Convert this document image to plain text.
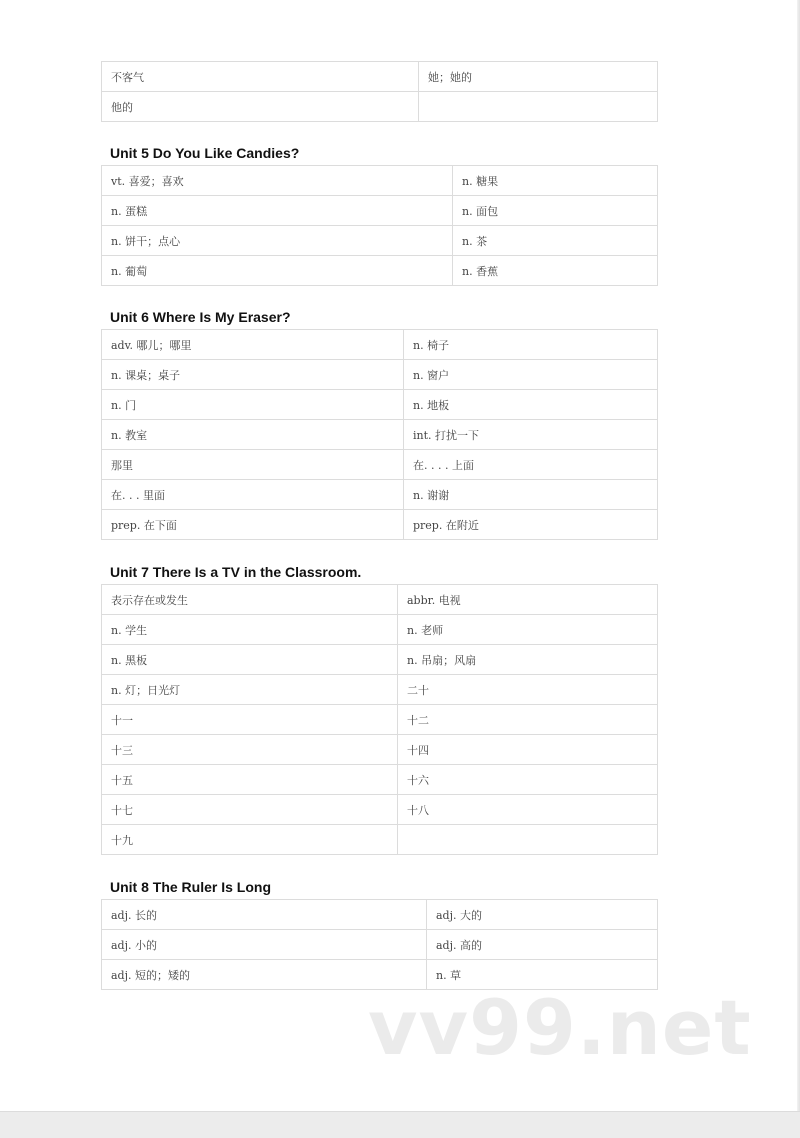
不客气	她；她的
他的	
Unit 5 Do You Like Candies?
vt. 喜爱；喜欢	n. 糖果
n. 蛋糕	n. 面包
n. 饼干；点心	n. 茶
n. 葡萄	n. 香蕉
Unit 6 Where Is My Eraser?
adv. 哪儿；哪里	n. 椅子
n. 课桌；桌子	n. 窗户
n. 门	n. 地板
n. 教室	int. 打扰一下
那里	在. . . . 上面
在. . . 里面	n. 谢谢
prep. 在下面	prep. 在附近
Unit 7 There Is a TV in the Classroom.
表示存在或发生	abbr. 电视
n. 学生	n. 老师
n. 黑板	n. 吊扇；风扇
n. 灯；日光灯	二十
十一	十二
十三	十四
十五	十六
十七	十八
十九	
Unit 8 The Ruler Is Long
adj. 长的	adj. 大的
adj. 小的	adj. 高的
adj. 短的；矮的	n. 草
vv99.net
